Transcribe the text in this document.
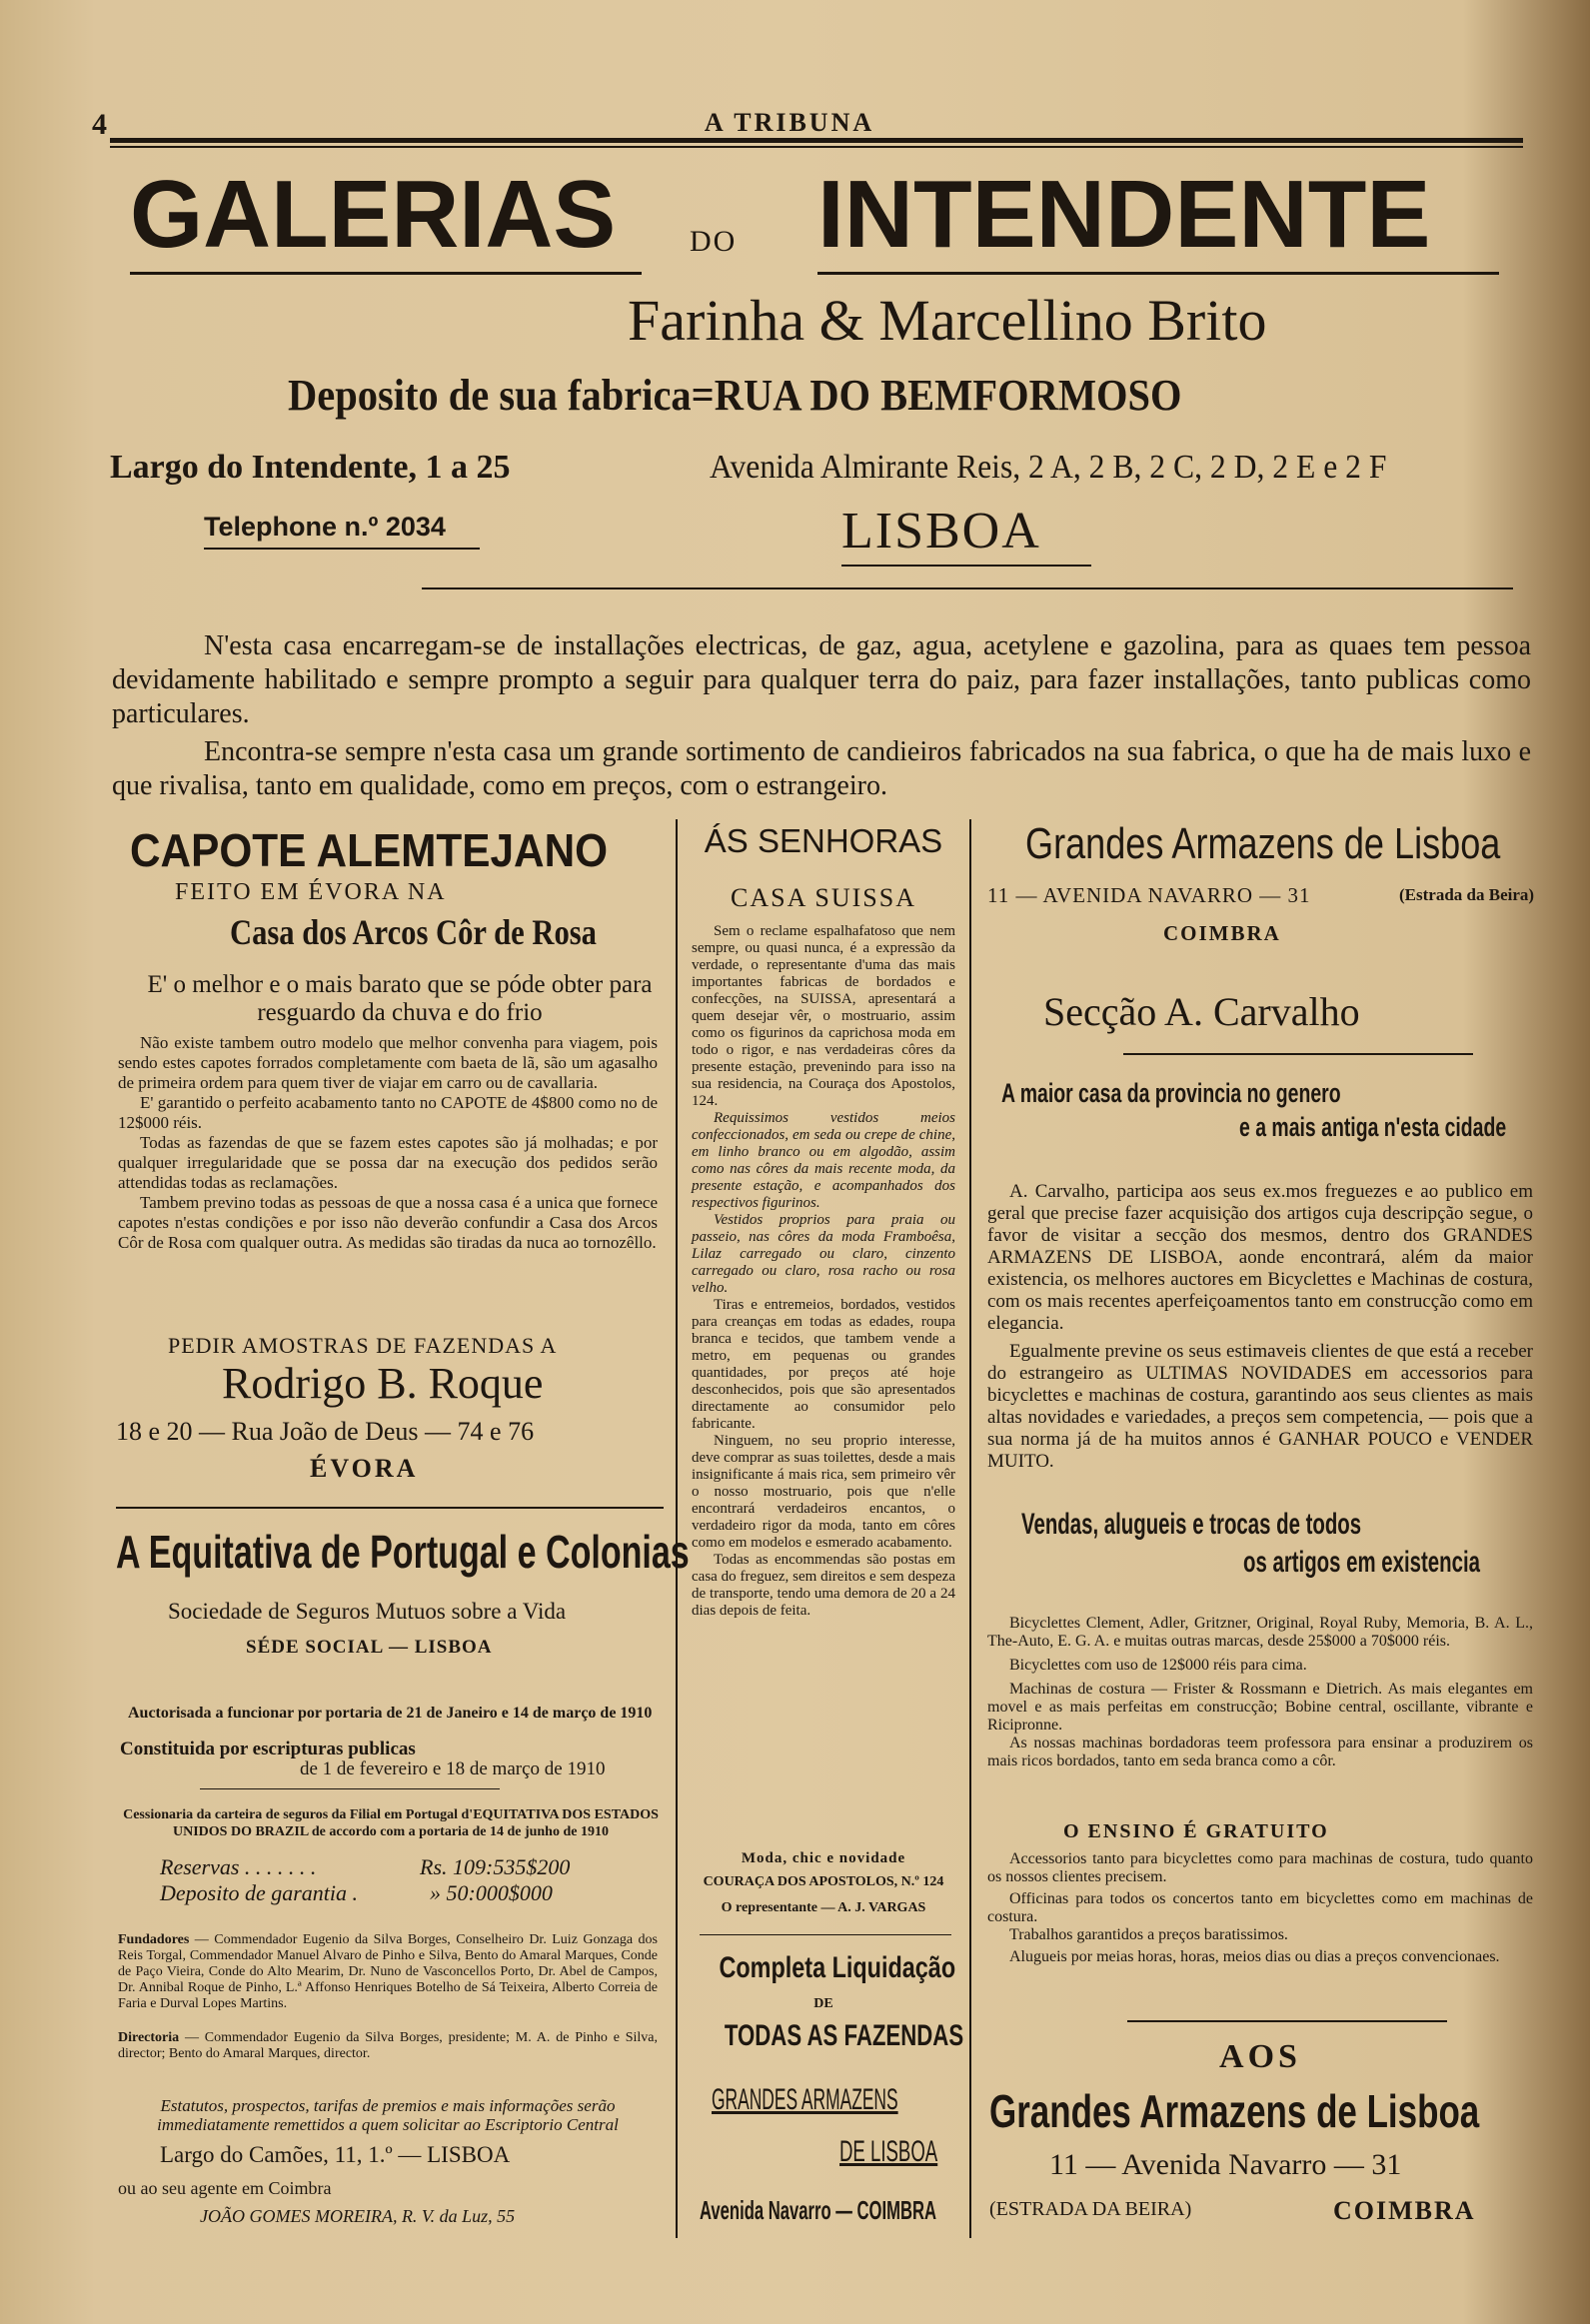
4	A TRIBUNA
GALERIAS DO INTENDENTE
Farinha & Marcellino Brito
Deposito de sua fabrica=RUA DO BEMFORMOSO
Largo do Intendente, 1 a 25	Avenida Almirante Reis, 2 A, 2 B, 2 C, 2 D, 2 E e 2 F
Telephone n.º 2034	LISBOA

N'esta casa encarregam-se de installações electricas, de gaz, agua, acetylene e gazolina, para as quaes tem pessoa devidamente habilitado e sempre prompto a seguir para qualquer terra do paiz, para fazer installações, tanto publicas como particulares.

Encontra-se sempre n'esta casa um grande sortimento de candieiros fabricados na sua fabrica, o que ha de mais luxo e que rivalisa, tanto em qualidade, como em preços, com o estrangeiro.

CAPOTE ALEMTEJANO
FEITO EM ÉVORA NA
Casa dos Arcos Côr de Rosa
E' o melhor e o mais barato que se póde obter para resguardo da chuva e do frio

Não existe tambem outro modelo que melhor convenha para viagem, pois sendo estes capotes forrados completamente com baeta de lã, são um agasalho de primeira ordem para quem tiver de viajar em carro ou de cavallaria.

E' garantido o perfeito acabamento tanto no CAPOTE de 4$800 como no de 12$000 réis.

Todas as fazendas de que se fazem estes capotes são já molhadas; e por qualquer irregularidade que se possa dar na execução dos pedidos serão attendidas todas as reclamações.

Tambem previno todas as pessoas de que a nossa casa é a unica que fornece capotes n'estas condições e por isso não deverão confundir a Casa dos Arcos Côr de Rosa com qualquer outra. As medidas são tiradas da nuca ao tornozêllo.

PEDIR AMOSTRAS DE FAZENDAS A
Rodrigo B. Roque
18 e 20 — Rua João de Deus — 74 e 76
ÉVORA
A Equitativa de Portugal e Colonias
Sociedade de Seguros Mutuos sobre a Vida
SÉDE SOCIAL — LISBOA
Auctorisada a funcionar por portaria de 21 de Janeiro e 14 de março de 1910
Constituida por escripturas publicas
de 1 de fevereiro e 18 de março de 1910
Cessionaria da carteira de seguros da Filial em Portugal d'EQUITATIVA DOS ESTADOS UNIDOS DO BRAZIL de accordo com a portaria de 14 de junho de 1910
Reservas . . . . . . .	Rs. 109:535$200
Deposito de garantia .	» 50:000$000
Fundadores — Commendador Eugenio da Silva Borges, Conselheiro Dr. Luiz Gonzaga dos Reis Torgal, Commendador Manuel Alvaro de Pinho e Silva, Bento do Amaral Marques, Conde de Paço Vieira, Conde do Alto Mearim, Dr. Nuno de Vasconcellos Porto, Dr. Abel de Campos, Dr. Annibal Roque de Pinho, L.ª Affonso Henriques Botelho de Sá Teixeira, Alberto Correia de Faria e Durval Lopes Martins.
Directoria — Commendador Eugenio da Silva Borges, presidente; M. A. de Pinho e Silva, director; Bento do Amaral Marques, director.
Estatutos, prospectos, tarifas de premios e mais informações serão immediatamente remettidos a quem solicitar ao Escriptorio Central
Largo do Camões, 11, 1.º — LISBOA
ou ao seu agente em Coimbra
JOÃO GOMES MOREIRA, R. V. da Luz, 55
ÁS SENHORAS
CASA SUISSA

Sem o reclame espalhafatoso que nem sempre, ou quasi nunca, é a expressão da verdade, o representante d'uma das mais importantes fabricas de bordados e confecções, na SUISSA, apresentará a quem desejar vêr, o mostruario, assim como os figurinos da caprichosa moda em todo o rigor, e nas verdadeiras côres da presente estação, prevenindo para isso na sua residencia, na Couraça dos Apostolos, 124.

Requissimos vestidos meios confeccionados, em seda ou crepe de chine, em linho branco ou em algodão, assim como nas côres da mais recente moda, da presente estação, e acompanhados dos respectivos figurinos.

Vestidos proprios para praia ou passeio, nas côres da moda Framboêsa, Lilaz carregado ou claro, cinzento carregado ou claro, rosa racho ou rosa velho.

Tiras e entremeios, bordados, vestidos para creanças em todas as edades, roupa branca e tecidos, que tambem vende a metro, em pequenas ou grandes quantidades, por preços até hoje desconhecidos, pois que são apresentados directamente ao consumidor pelo fabricante.

Ninguem, no seu proprio interesse, deve comprar as suas toilettes, desde a mais insignificante á mais rica, sem primeiro vêr o nosso mostruario, pois que n'elle encontrará verdadeiros encantos, o verdadeiro rigor da moda, tanto em côres como em modelos e esmerado acabamento.

Todas as encommendas são postas em casa do freguez, sem direitos e sem despeza de transporte, tendo uma demora de 20 a 24 dias depois de feita.

Moda, chic e novidade
COURAÇA DOS APOSTOLOS, N.º 124
O representante — A. J. VARGAS
Completa Liquidação
DE
TODAS AS FAZENDAS
GRANDES ARMAZENS
DE LISBOA
Avenida Navarro — COIMBRA
Grandes Armazens de Lisboa
11 — AVENIDA NAVARRO — 31	(Estrada da Beira)
COIMBRA
Secção A. Carvalho
A maior casa da provincia no genero
e a mais antiga n'esta cidade

A. Carvalho, participa aos seus ex.mos freguezes e ao publico em geral que precise fazer acquisição dos artigos cuja descripção segue, o favor de visitar a secção dos mesmos, dentro dos GRANDES ARMAZENS DE LISBOA, aonde encontrará, além da maior existencia, os melhores auctores em Bicyclettes e Machinas de costura, com os mais recentes aperfeiçoamentos tanto em construcção como em elegancia.

Egualmente previne os seus estimaveis clientes de que está a receber do estrangeiro as ULTIMAS NOVIDADES em accessorios para bicyclettes e machinas de costura, garantindo aos seus clientes as mais altas novidades e variedades, a preços sem competencia, — pois que a sua norma já de ha muitos annos é GANHAR POUCO e VENDER MUITO.

Vendas, alugueis e trocas de todos
os artigos em existencia

Bicyclettes Clement, Adler, Gritzner, Original, Royal Ruby, Memoria, B. A. L., The-Auto, E. G. A. e muitas outras marcas, desde 25$000 a 70$000 réis.

Bicyclettes com uso de 12$000 réis para cima.

Machinas de costura — Frister & Rossmann e Dietrich. As mais elegantes em movel e as mais perfeitas em construcção; Bobine central, oscillante, vibrante e Ricipronne.

As nossas machinas bordadoras teem professora para ensinar a produzirem os mais ricos bordados, tanto em seda branca como a côr.

O ENSINO É GRATUITO

Accessorios tanto para bicyclettes como para machinas de costura, tudo quanto os nossos clientes precisem.

Officinas para todos os concertos tanto em bicyclettes como em machinas de costura.

Trabalhos garantidos a preços baratissimos.

Alugueis por meias horas, horas, meios dias ou dias a preços convencionaes.

AOS
Grandes Armazens de Lisboa
11 — Avenida Navarro — 31
(ESTRADA DA BEIRA)	COIMBRA
